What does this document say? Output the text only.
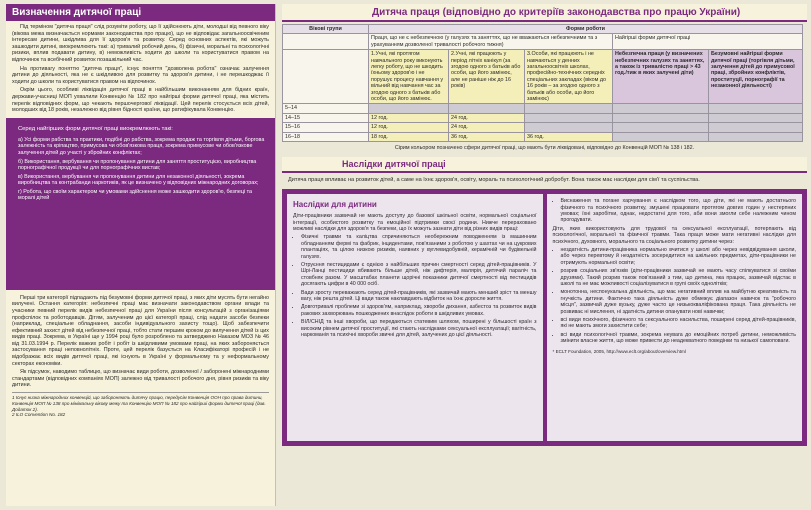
Визначення дитячої праці

Під терміном "дитяча праця" слід розуміти роботу, що її здійснюють діти, молодші від певного віку (вікова межа визначається нормами законодавства про працю), що не відповідає загальноосвіченим інтересам дитини, шкідлива для її здоров'я та розвитку. Серед основних аспектів, які можуть зашкодити дитині, виокремлюють такі: а) тривалий робочий день, б) фізичні, моральні та психологічні ризики, вплив подавати дитину, в) неможливість ходити до школи та користуватися правом на відпочинок та всебічний розвиток позашкільний час.

На противагу поняттю "дитяча праця", існує поняття "дозволена робота" означає залучення дитини до діяльності, яка не є шкідливою для розвитку та здоров'я дитини, і не перешкоджає її ходити до школи та користуватися правом на відпочинок.

Окрім цього, особливі ліквідація дитячої праці в найбільшим виконанням для бідних країн, держави-учасниці МОП ухвалили Конвенцію № 182 про найгірші форми дитячої праці, яка містить перелік відповідних форм, що чекають першочергової ліквідації. Цей перелік стосується всіх дітей, молодших від 18 років, незалежно від рівня бідності країни, що ратифікувала Конвенцію.

Серед найгірших форм дитячої праці виокремлюють такі:
а) Усі форми рабства та практики, подібні до рабства, зокрема продаж та торгівля дітьми, боргова залежність та кріпацтво, примусова чи обов'язкова праця, зокрема примусове чи обов'язкове залучення дітей до участі у збройних конфліктах;
б) Використання, вербування чи пропонування дитини для заняття проституцією, виробництва порнографічної продукції чи для порнографічних вистав;
в) Використання, вербування чи пропонування дитини для незаконної діяльності, зокрема виробництва та контрабанди наркотиків, як це визначено у відповідних міжнародних договорах;
г) Робота, що своїм характером чи умовами здійснення може зашкодити здоров'ю, безпеці та моралі дітей

Перші три категорії підпадають під безумовні форми дитячої праці, з яких діти мусять бути негайно вилучені. Остання категорія: небезпечні праці має визначати законодавством органи влади та учасники певний перелік видів небезпечної праці для України після консультацій з організаціями профспілок та роботодавців. Дітям, залученим до цієї категорії праці, слід надати засоби безпеки (наприклад, спеціальне обладнання, засоби індивідуального захисту тощо). Щоб забезпечити ефективний захист дітей від небезпечної праці, тобто стати першим кроком до вилучення дітей із цих видів праці. Зокрема, в Україні ще у 1994 році було розроблено та затверджено Наказом МОЗ № 46 від 31.03.1994 р. Перелік важких робіт і робіт із шкідливими умовами праці, на яких забороняється застосування праці неповнолітніх. Проте, цей перелік базується на Класифікаторі професій і не відображає всіх видів дитячої праці, які існують в Україні у формальному та у неформальному секторах економіки.

Як підсумок, наводимо таблицю, що визначає види роботи, дозволеної / заборонені міжнародними стандартами (відповідних компаніях МОП) залежно від тривалості робочого дня, рівня ризиків та віку дитини.

1 Існує низка міжнародних конвенцій, що забороняють дитячу працю, передусім Конвенція ООН про права дитини, Конвенція МОП № 138 про мінімальну вікову межу та Конвенцію МОП № 182 про найгірші форми дитячої праці (див. Додаток 2).
2 ILO Convention No. 182
Дитяча праця (відповідно до критеріїв законодавства про працю України)
Вікові групи	Форми роботи				
	Праця, що не є небезпечною (у галузях та заняттях, що не вважаються небезпечними та з урахуванням дозволеної тривалості робочого тижня)			Найгірші форми дитячої праці	
	1.Учні, які протягом навчального року виконують легку роботу, що не шкодить їхньому здоров'ю і не порушує процесу навчання у вільний від навчання час за згодою одного з батьків або особи, що його замінює.	2.Учні, які працюють у період літніх канікул (за згодою одного з батьків або особи, що його замінює, але не раніше ніж до 16 років)	3.Особи, які працюють і не навчаються у денних загальноосвітніх школах, професійно-технічних середніх спеціальних закладах (віком до 16 років – за згодою одного з батьків або особи, що його замінює)	Небезпечна праця (у визначених небезпечних галузях та заняттях, а також із тривалістю праці > 43 год./тиж в яких залучені діти)	Безумовні найгірші форми дитячої праці (торгівля дітьми, залучення дітей до примусової праці, збройних конфліктів, проституції, порнографії та незаконної діяльності)
5–14					
14–15	12 год.	24 год.			
15–16	12 год.	24 год.			
16–18	18 год.	36 год.	36 год.		
Сірим кольором позначено сфери дитячої праці, що мають бути ліквідовані, відповідно до Конвенцій МОП № 138 і 182.
Наслідки дитячої праці
Дитяча праця впливає на розвиток дітей, а саме на їхнє здоров'я, освіту, мораль та психологічний добробут. Вона також має наслідки для сім'ї та суспільства.
Наслідки для дитини

Діти-працівники зазвичай не мають доступу до базової шкільної освіти, нормальної соціальної інтеграції, особистого розвитку та емоційної підтримки своєї родини. Нижче перераховано можливі наслідки для здоров'я та безпеки, що їх можуть зазнати діти від різних видів праці:

• Фізичні травми та каліцтва спричиняються необережним поводженням із машинним обладнанням фермі та фабрик, інцидентами, пов'язаними з роботою у шахтах чи на цукрових плантаціях, та цілою низкою ризиків, наявних у вуглевидобувній, керамічній чи будівельній галузях.
• Отруєння пестицидами є однією з найбільших причин смертності серед дітей-працівників. У Шрі-Ланці пестициди вбивають більше дітей, ніж дифтерія, малярія, дитячий параліч та стовбняк разом. У масштабах планети щорічні показники дитячої смертності від пестицидів досягають цифри в 40 000 осіб.
• Вади зросту переважають серед дітей-працівників, які зазвичай мають менший зріст та меншу вагу, ніж решта дітей. Ці вади також наклавдають відбиток на їхнє доросле життя.
• Довготривалі проблеми зі здоров'ям, наприклад, хвороби дихання, азбестоз та розвиток видів ракових захворювань пошкоджених внаслідок роботи в шкідливих умовах.
• ВІЛ/СНІД та інші хвороби, що передаються статевим шляхом, поширені у більшості країн з високим рівнем дитячої проституції, які стають наслідками сексуальної експлуатації; вагітність, наркоманія та психічні хвороби звичні для дітей, залучених до цієї діяльності.
• Виснаження та погане харчування є наслідком того, що діти, які не мають достатнього фізичного та психічного розвитку, змушені працювати протягом довгих годин у нестерпних умовах; їхні заробітки, однак, недостатні для того, аби вони змогли себе належним чином прогодувати.

Діти, яких використовують для трудової та сексуальної експлуатації, потерпають від психологічної, моральної та фізичної травми. Така праця може мати негативні наслідки для психічного, духовного, морального та соціального розвитку дитини через:

• нездатність дитини-працівника нормально вчитися у школі або через невідвідування школи, або через перевтому й нездатність зосередитися на шкільних предметах, діти-працівники не отримують нормальної освіти;
• розрив соціальних зв'язків (діти-працівники зазвичай не мають часу спілкуватися зі своїми друзями). Такий розрив також пов'язаний з тим, що дитина, яка працює, зазвичай відстає в школі та не має можливості соціалізуватися в групі своїх однолітків;
• монотонна, неспонукальна діяльність, що має негативний вплив на майбутню креативність та гнучкість дитини. Фактично така діяльність дуже обмежує діапазон навичок та "робочого місця", зазвичай дуже вузьку, дуже часто це низькокваліфікована праця. Така діяльність не розвиває ні мислення, ні здатність дитини опанувати нові навички;
• всі види психічного, фізичного та сексуального насильства, поширені серед дітей-працівників, які не мають змоги захистити себе;
• всі види психологічної травми, зокрема неувага до емоційних потреб дитини, неможливість змінити власне життя, що може привести до неадекватного поведінки та низької самоповаги.
* ECLT Foundation, 2005, http://www.eclt.org/about/overview.html
